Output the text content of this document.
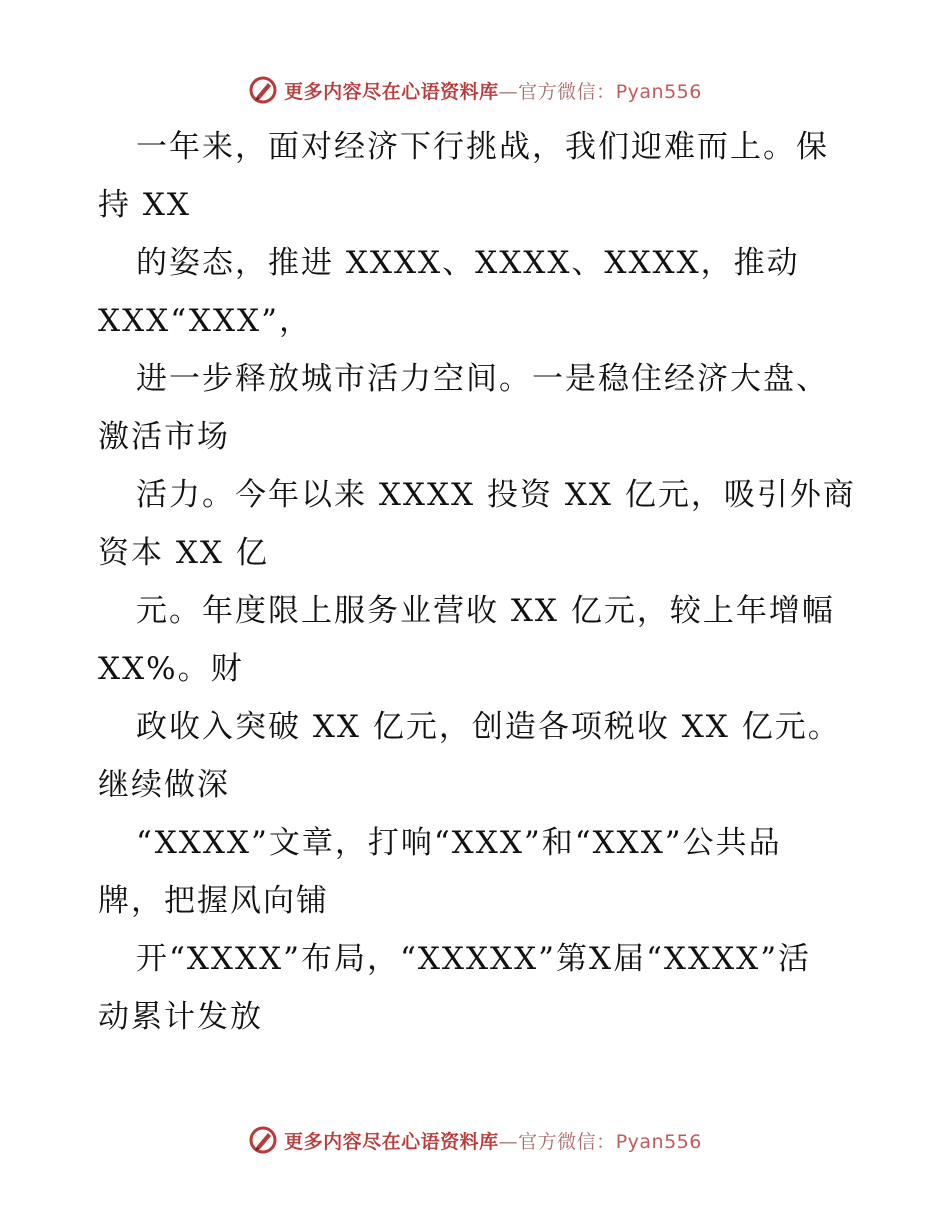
更多内容尽在心语资料库—官方微信：Pyan556
一年来，面对经济下行挑战，我们迎难而上。保
持 XX
的姿态，推进 XXXX、XXXX、XXXX，推动
XXX“XXX”，
进一步释放城市活力空间。一是稳住经济大盘、
激活市场
活力。今年以来 XXXX 投资 XX 亿元，吸引外商
资本 XX 亿
元。年度限上服务业营收 XX 亿元，较上年增幅
XX%。财
政收入突破 XX 亿元，创造各项税收 XX 亿元。
继续做深
“XXXX”文章，打响“XXX”和“XXX”公共品
牌，把握风向铺
开“XXXX”布局，“XXXXX”第X届“XXXX”活
动累计发放
更多内容尽在心语资料库—官方微信：Pyan556
